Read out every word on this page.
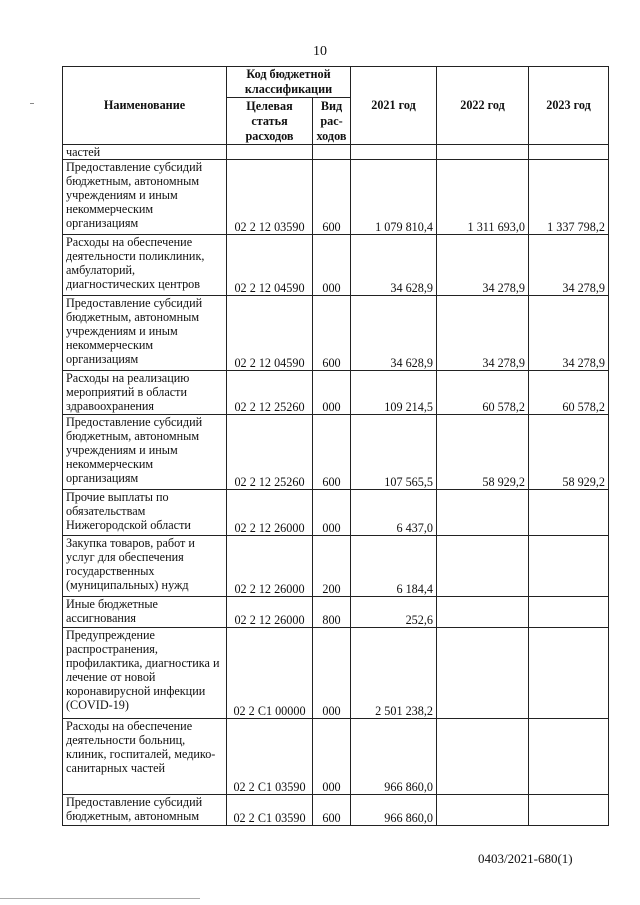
10
Наименование	Код бюджетной классификации		2021 год	2022 год	2023 год
	Целевая статья расходов	Вид рас-ходов			
частей					
Предоставление субсидий бюджетным, автономным учреждениям и иным некоммерческим организациям	02 2 12 03590	600	1 079 810,4	1 311 693,0	1 337 798,2
Расходы на обеспечение деятельности поликлиник, амбулаторий, диагностических центров	02 2 12 04590	000	34 628,9	34 278,9	34 278,9
Предоставление субсидий бюджетным, автономным учреждениям и иным некоммерческим организациям	02 2 12 04590	600	34 628,9	34 278,9	34 278,9
Расходы на реализацию мероприятий в области здравоохранения	02 2 12 25260	000	109 214,5	60 578,2	60 578,2
Предоставление субсидий бюджетным, автономным учреждениям и иным некоммерческим организациям	02 2 12 25260	600	107 565,5	58 929,2	58 929,2
Прочие выплаты по обязательствам Нижегородской области	02 2 12 26000	000	6 437,0		
Закупка товаров, работ и услуг для обеспечения государственных (муниципальных) нужд	02 2 12 26000	200	6 184,4		
Иные бюджетные ассигнования	02 2 12 26000	800	252,6		
Предупреждение распространения, профилактика, диагностика и лечение от новой коронавирусной инфекции (COVID-19)	02 2 C1 00000	000	2 501 238,2		
Расходы на обеспечение деятельности больниц, клиник, госпиталей, медико-санитарных частей	02 2 C1 03590	000	966 860,0		
Предоставление субсидий бюджетным, автономным	02 2 C1 03590	600	966 860,0		
0403/2021-680(1)
